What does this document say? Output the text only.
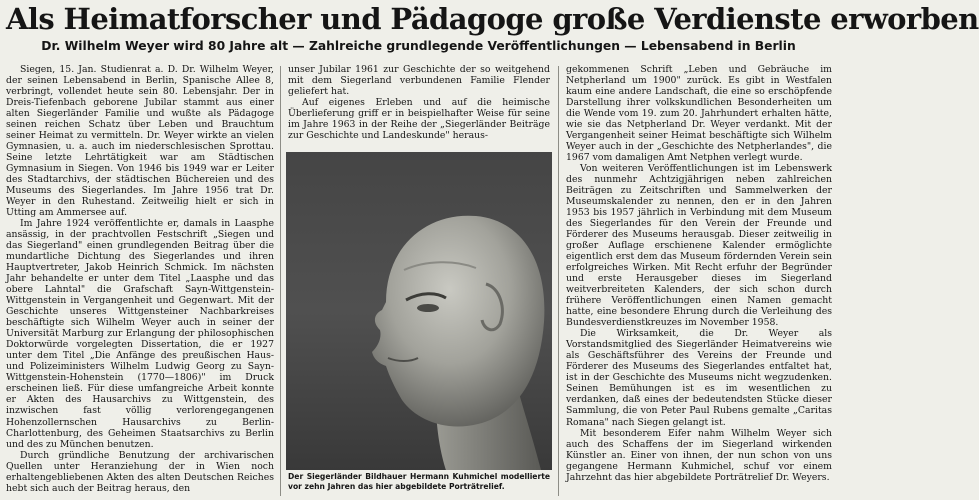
Als Heimatforscher und Pädagoge große Verdienste erworben
Dr. Wilhelm Weyer wird 80 Jahre alt — Zahlreiche grundlegende Veröffentlichungen — Lebensabend in Berlin

Siegen, 15. Jan. Studienrat a. D. Dr. Wilhelm Weyer, der seinen Lebensabend in Berlin, Spanische Allee 8, verbringt, vollendet heute sein 80. Lebensjahr. Der in Dreis-Tiefenbach geborene Jubilar stammt aus einer alten Siegerländer Familie und wußte als Pädagoge seinen reichen Schatz über Leben und Brauchtum seiner Heimat zu vermitteln. Dr. Weyer wirkte an vielen Gymnasien, u. a. auch im niederschlesischen Sprottau. Seine letzte Lehrtätigkeit war am Städtischen Gymnasium in Siegen. Von 1946 bis 1949 war er Leiter des Stadtarchivs, der städtischen Büchereien und des Museums des Siegerlandes. Im Jahre 1956 trat Dr. Weyer in den Ruhestand. Zeitweilig hielt er sich in Utting am Ammersee auf.

Im Jahre 1924 veröffentlichte er, damals in Laasphe ansässig, in der prachtvollen Festschrift „Siegen und das Siegerland" einen grundlegenden Beitrag über die mundartliche Dichtung des Siegerlandes und ihren Hauptvertreter, Jakob Heinrich Schmick. Im nächsten Jahr behandelte er unter dem Titel „Laasphe und das obere Lahntal" die Grafschaft Sayn-Wittgenstein-Wittgenstein in Vergangenheit und Gegenwart. Mit der Geschichte unseres Wittgensteiner Nachbarkreises beschäftigte sich Wilhelm Weyer auch in seiner der Universität Marburg zur Erlangung der philosophischen Doktorwürde vorgelegten Dissertation, die er 1927 unter dem Titel „Die Anfänge des preußischen Haus- und Polizeiministers Wilhelm Ludwig Georg zu Sayn-Wittgenstein-Hohenstein (1770—1806)" im Druck erscheinen ließ. Für diese umfangreiche Arbeit konnte er Akten des Hausarchivs zu Wittgenstein, des inzwischen fast völlig verlorengegangenen Hohenzollernschen Hausarchivs zu Berlin-Charlottenburg, des Geheimen Staatsarchivs zu Berlin und des zu München benutzen.

Durch gründliche Benutzung der archivarischen Quellen unter Heranziehung der in Wien noch erhaltengebliebenen Akten des alten Deutschen Reiches hebt sich auch der Beitrag heraus, den

unser Jubilar 1961 zur Geschichte der so weitgehend mit dem Siegerland verbundenen Familie Flender geliefert hat.

Auf eigenes Erleben und auf die heimische Überlieferung griff er in beispielhafter Weise für seine im Jahre 1963 in der Reihe der „Siegerländer Beiträge zur Geschichte und Landeskunde" heraus-

Der Siegerländer Bildhauer Hermann Kuhmichel modellierte vor zehn Jahren das hier abgebildete Porträtrelief.

gekommenen Schrift „Leben und Gebräuche im Netpherland um 1900" zurück. Es gibt in Westfalen kaum eine andere Landschaft, die eine so erschöpfende Darstellung ihrer volkskundlichen Besonderheiten um die Wende vom 19. zum 20. Jahrhundert erhalten hätte, wie sie das Netpherland Dr. Weyer verdankt. Mit der Vergangenheit seiner Heimat beschäftigte sich Wilhelm Weyer auch in der „Geschichte des Netpherlandes", die 1967 vom damaligen Amt Netphen verlegt wurde.

Von weiteren Veröffentlichungen ist im Lebenswerk des nunmehr Achtzigjährigen neben zahlreichen Beiträgen zu Zeitschriften und Sammelwerken der Museumskalender zu nennen, den er in den Jahren 1953 bis 1957 jährlich in Verbindung mit dem Museum des Siegerlandes für den Verein der Freunde und Förderer des Museums herausgab. Dieser zeitweilig in großer Auflage erschienene Kalender ermöglichte eigentlich erst dem das Museum fördernden Verein sein erfolgreiches Wirken. Mit Recht erfuhr der Begründer und erste Herausgeber dieses im Siegerland weitverbreiteten Kalenders, der sich schon durch frühere Veröffentlichungen einen Namen gemacht hatte, eine besondere Ehrung durch die Verleihung des Bundesverdienstkreuzes im November 1958.

Die Wirksamkeit, die Dr. Weyer als Vorstandsmitglied des Siegerländer Heimatvereins wie als Geschäftsführer des Vereins der Freunde und Förderer des Museums des Siegerlandes entfaltet hat, ist in der Geschichte des Museums nicht wegzudenken. Seinen Bemühungen ist es im wesentlichen zu verdanken, daß eines der bedeutendsten Stücke dieser Sammlung, die von Peter Paul Rubens gemalte „Caritas Romana" nach Siegen gelangt ist.

Mit besonderem Eifer nahm Wilhelm Weyer sich auch des Schaffens der im Siegerland wirkenden Künstler an. Einer von ihnen, der nun schon von uns gegangene Hermann Kuhmichel, schuf vor einem Jahrzehnt das hier abgebildete Porträtrelief Dr. Weyers.
